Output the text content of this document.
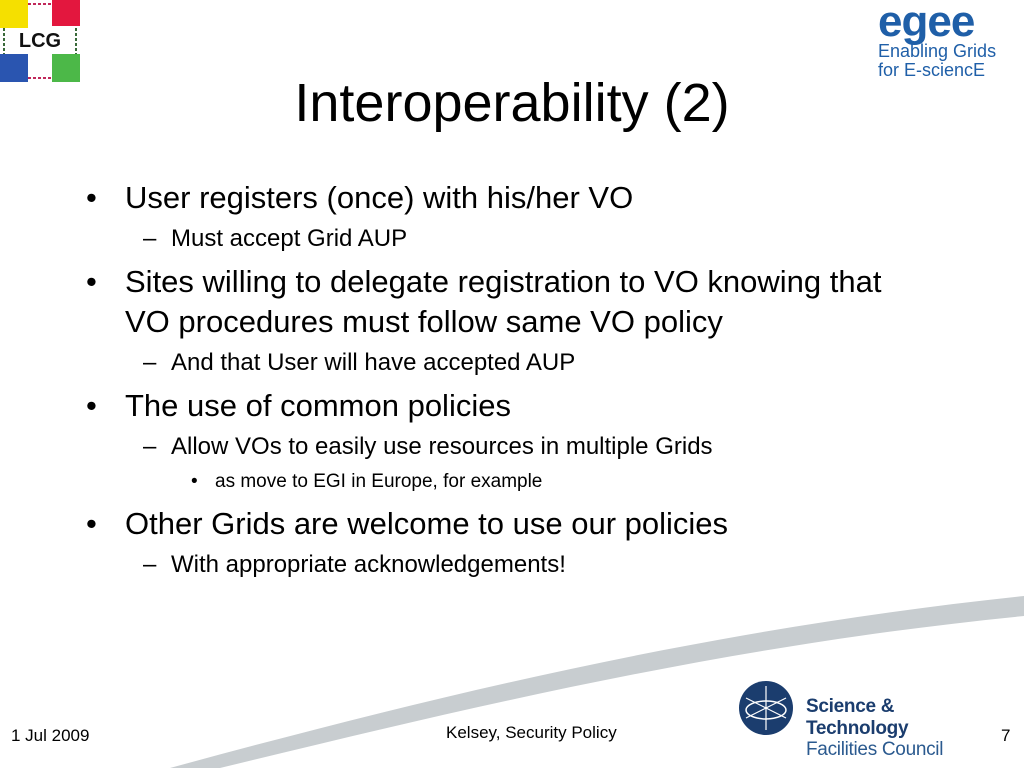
LCG	egee
Enabling Grids
for E-sciencE
Interoperability (2)
• User registers (once) with his/her VO
– Must accept Grid AUP
• Sites willing to delegate registration to VO knowing that VO procedures must follow same VO policy
– And that User will have accepted AUP
• The use of common policies
– Allow VOs to easily use resources in multiple Grids
• as move to EGI in Europe, for example
• Other Grids are welcome to use our policies
– With appropriate acknowledgements!
Science & Technology
Facilities Council
1 Jul 2009	Kelsey, Security Policy	7
